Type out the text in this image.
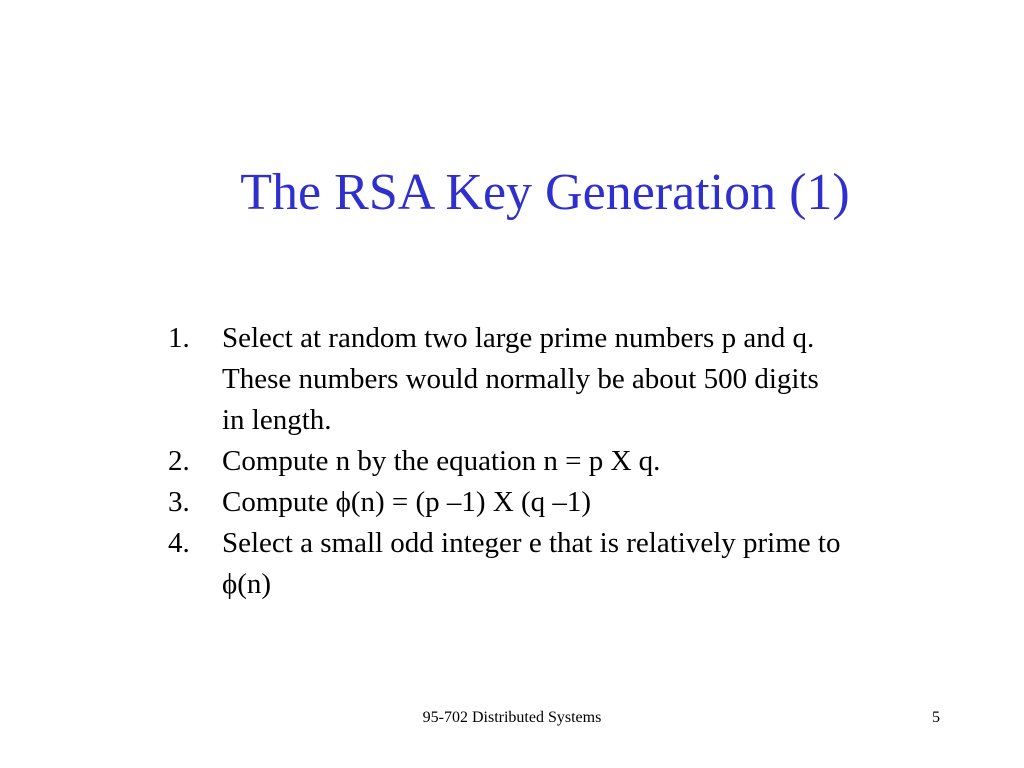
The RSA Key Generation (1)
1. Select at random two large prime numbers p and q.
These numbers would normally be about 500 digits
in length.
2. Compute n by the equation n = p X q.
3. Compute ϕ(n) = (p –1) X (q –1)
4. Select a small odd integer e that is relatively prime to
ϕ(n)
95-702 Distributed Systems	5
